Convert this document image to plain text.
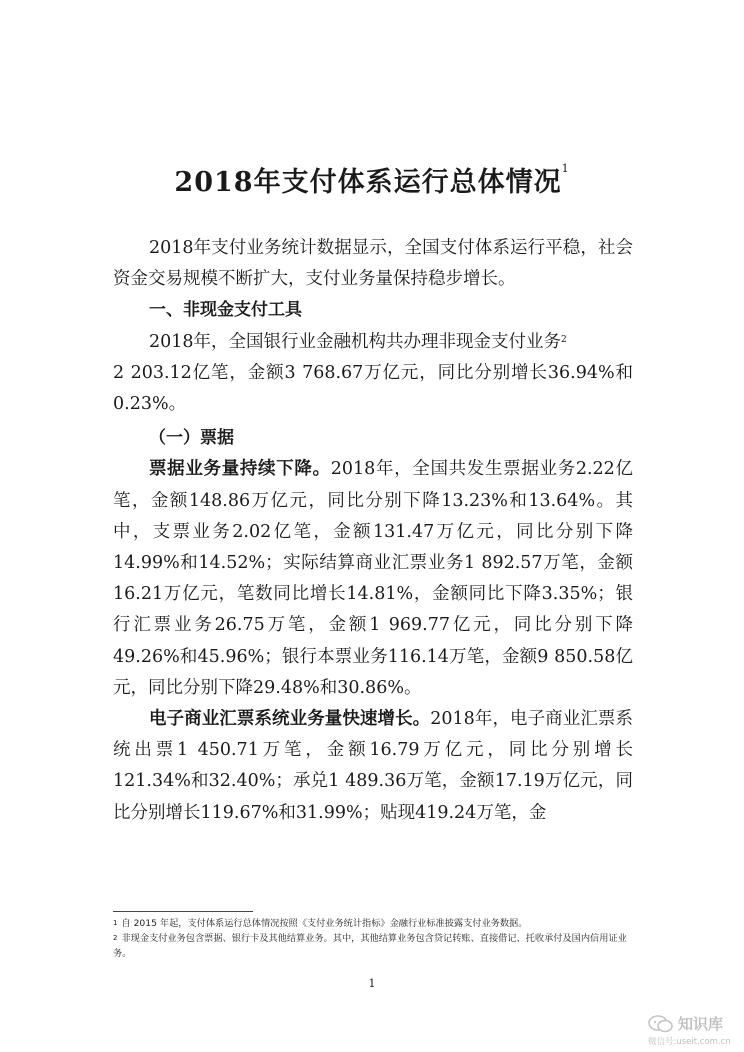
2018年支付体系运行总体情况$^1$

2018年支付业务统计数据显示，全国支付体系运行平稳，社会资金交易规模不断扩大，支付业务量保持稳步增长。

一、非现金支付工具

2018年，全国银行业金融机构共办理非现金支付业务$^2$
2 203.12亿笔，金额3 768.67万亿元，同比分别增长36.94%和0.23%。

（一）票据

票据业务量持续下降。2018年，全国共发生票据业务2.22亿笔，金额148.86万亿元，同比分别下降13.23%和13.64%。其中，支票业务2.02亿笔，金额131.47万亿元，同比分别下降14.99%和14.52%；实际结算商业汇票业务1 892.57万笔，金额16.21万亿元，笔数同比增长14.81%，金额同比下降3.35%；银行汇票业务26.75万笔，金额1 969.77亿元，同比分别下降49.26%和45.96%；银行本票业务116.14万笔，金额9 850.58亿元，同比分别下降29.48%和30.86%。

电子商业汇票系统业务量快速增长。2018年，电子商业汇票系统出票1 450.71万笔，金额16.79万亿元，同比分别增长121.34%和32.40%；承兑1 489.36万笔，金额17.19万亿元，同比分别增长119.67%和31.99%；贴现419.24万笔，金

$^1$ 自 2015 年起，支付体系运行总体情况按照《支付业务统计指标》金融行业标准披露支付业务数据。

$^2$ 非现金支付业务包含票据、银行卡及其他结算业务。其中，其他结算业务包含贷记转账、直接借记、托收承付及国内信用证业务。

1
知识库
微信号:useit.com.cn
